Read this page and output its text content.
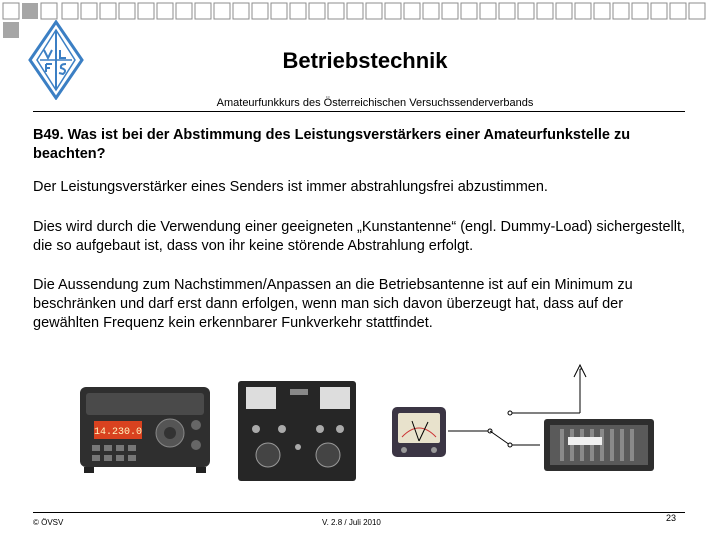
Betriebstechnik
Amateurfunkkurs des Österreichischen Versuchssenderverbands

B49. Was ist bei der Abstimmung des Leistungsverstärkers einer Amateurfunkstelle zu beachten?

Der Leistungsverstärker eines Senders ist immer abstrahlungsfrei abzustimmen.

Dies wird durch die Verwendung einer geeigneten „Kunstantenne“ (engl. Dummy-Load) sichergestellt, die so aufgebaut ist, dass von ihr keine störende Abstrahlung erfolgt.

Die Aussendung zum Nachstimmen/Anpassen an die Betriebsantenne ist auf ein Minimum zu beschränken und darf erst dann erfolgen, wenn man sich davon überzeugt hat, dass auf der gewählten Frequenz kein erkennbarer Funkverkehr stattfindet.

14.230.0
© ÖVSV	V. 2.8 / Juli 2010	23
